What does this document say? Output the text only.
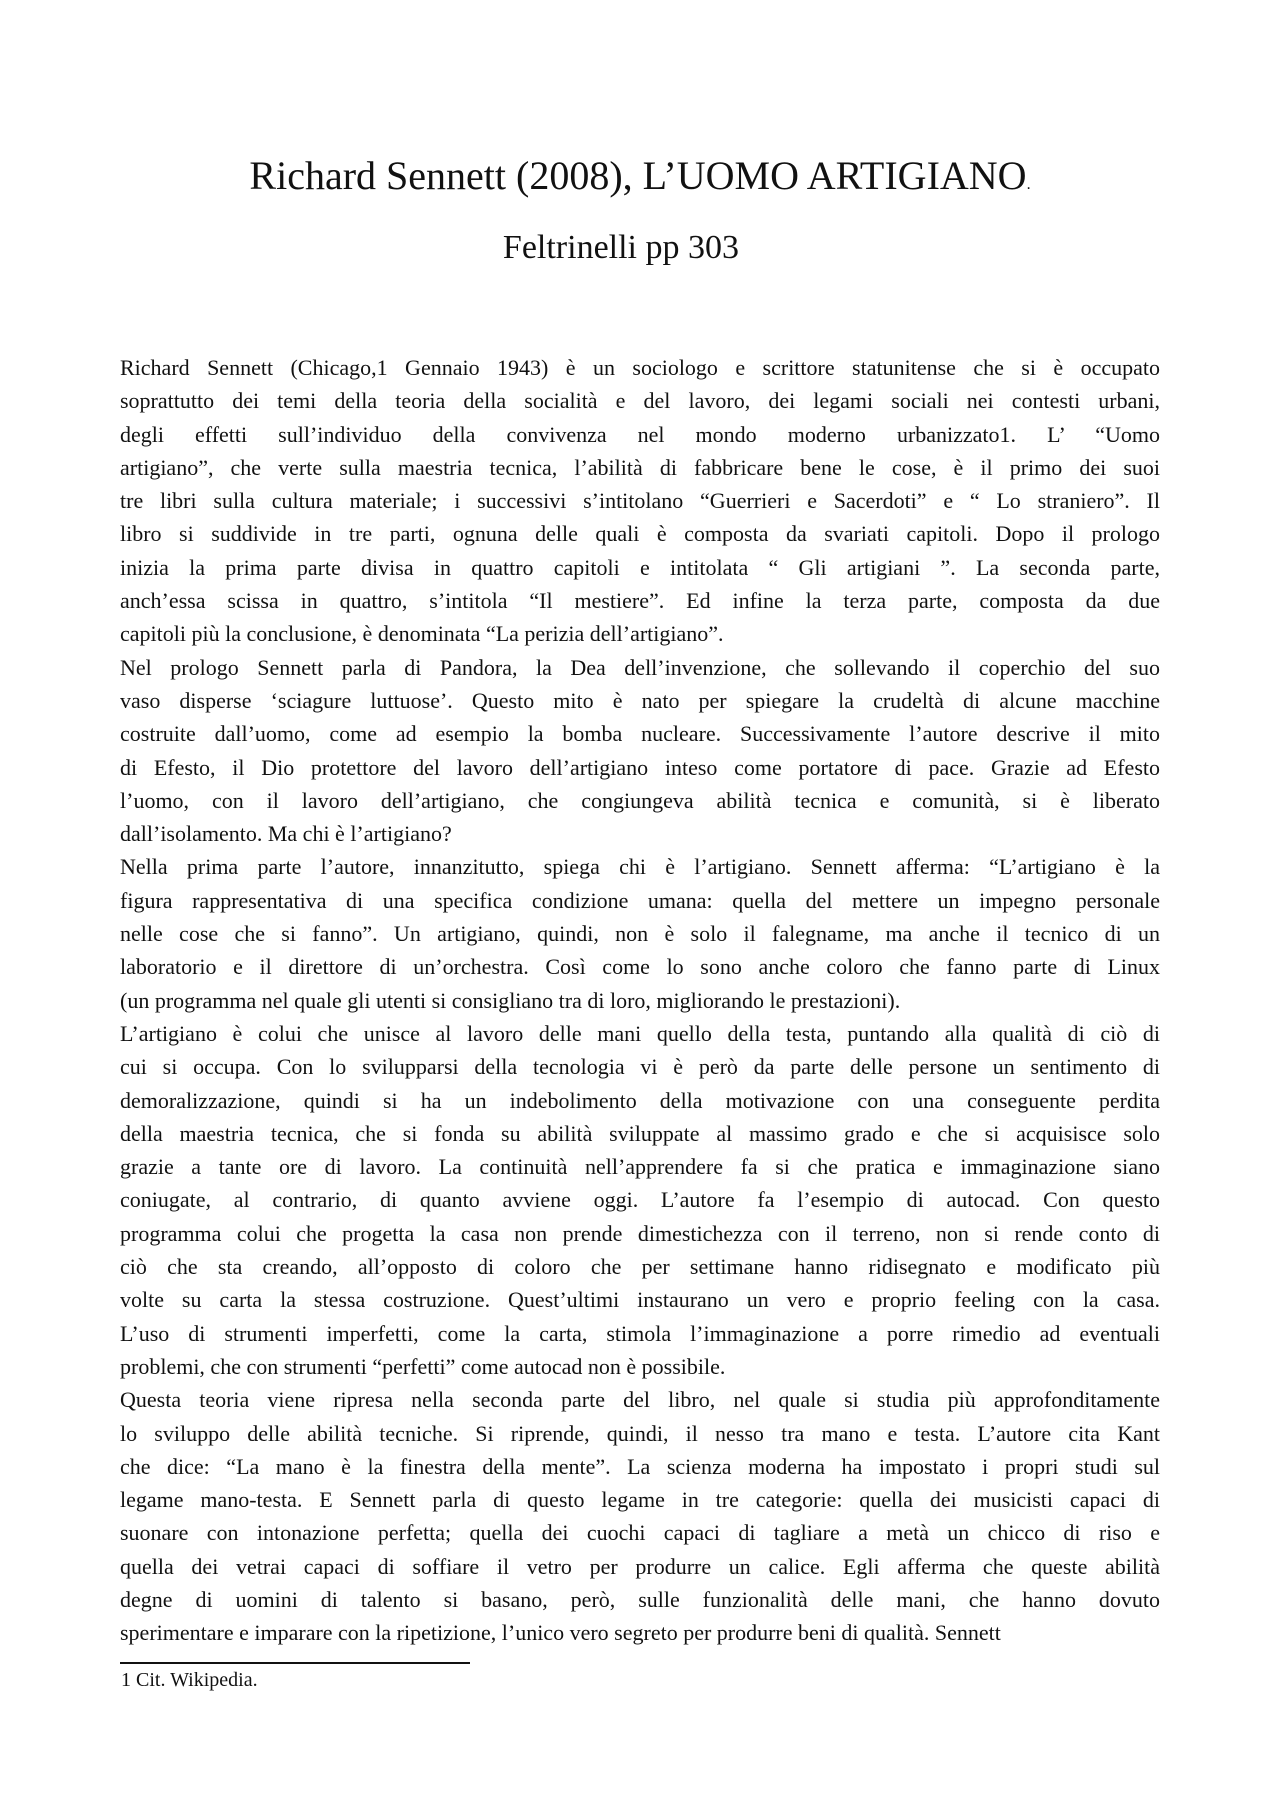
Richard Sennett (2008), L’UOMO ARTIGIANO.
Feltrinelli pp 303
Richard Sennett (Chicago,1 Gennaio 1943) è un sociologo e scrittore statunitense che si è occupato
soprattutto dei temi della teoria della socialità e del lavoro, dei legami sociali nei contesti urbani,
degli effetti sull’individuo della convivenza nel mondo moderno urbanizzato1. L’ “Uomo
artigiano”, che verte sulla maestria tecnica, l’abilità di fabbricare bene le cose, è il primo dei suoi
tre libri sulla cultura materiale; i successivi s’intitolano “Guerrieri e Sacerdoti” e “ Lo straniero”. Il
libro si suddivide in tre parti, ognuna delle quali è composta da svariati capitoli. Dopo il prologo
inizia la prima parte divisa in quattro capitoli e intitolata “ Gli artigiani ”. La seconda parte,
anch’essa scissa in quattro, s’intitola “Il mestiere”. Ed infine la terza parte, composta da due
capitoli più la conclusione, è denominata “La perizia dell’artigiano”.
Nel prologo Sennett parla di Pandora, la Dea dell’invenzione, che sollevando il coperchio del suo
vaso disperse ‘sciagure luttuose’. Questo mito è nato per spiegare la crudeltà di alcune macchine
costruite dall’uomo, come ad esempio la bomba nucleare. Successivamente l’autore descrive il mito
di Efesto, il Dio protettore del lavoro dell’artigiano inteso come portatore di pace. Grazie ad Efesto
l’uomo, con il lavoro dell’artigiano, che congiungeva abilità tecnica e comunità, si è liberato
dall’isolamento. Ma chi è l’artigiano?
Nella prima parte l’autore, innanzitutto, spiega chi è l’artigiano. Sennett afferma: “L’artigiano è la
figura rappresentativa di una specifica condizione umana: quella del mettere un impegno personale
nelle cose che si fanno”. Un artigiano, quindi, non è solo il falegname, ma anche il tecnico di un
laboratorio e il direttore di un’orchestra. Così come lo sono anche coloro che fanno parte di Linux
(un programma nel quale gli utenti si consigliano tra di loro, migliorando le prestazioni).
L’artigiano è colui che unisce al lavoro delle mani quello della testa, puntando alla qualità di ciò di
cui si occupa. Con lo svilupparsi della tecnologia vi è però da parte delle persone un sentimento di
demoralizzazione, quindi si ha un indebolimento della motivazione con una conseguente perdita
della maestria tecnica, che si fonda su abilità sviluppate al massimo grado e che si acquisisce solo
grazie a tante ore di lavoro. La continuità nell’apprendere fa si che pratica e immaginazione siano
coniugate, al contrario, di quanto avviene oggi. L’autore fa l’esempio di autocad. Con questo
programma colui che progetta la casa non prende dimestichezza con il terreno, non si rende conto di
ciò che sta creando, all’opposto di coloro che per settimane hanno ridisegnato e modificato più
volte su carta la stessa costruzione. Quest’ultimi instaurano un vero e proprio feeling con la casa.
L’uso di strumenti imperfetti, come la carta, stimola l’immaginazione a porre rimedio ad eventuali
problemi, che con strumenti “perfetti” come autocad non è possibile.
Questa teoria viene ripresa nella seconda parte del libro, nel quale si studia più approfonditamente
lo sviluppo delle abilità tecniche. Si riprende, quindi, il nesso tra mano e testa. L’autore cita Kant
che dice: “La mano è la finestra della mente”. La scienza moderna ha impostato i propri studi sul
legame mano-testa. E Sennett parla di questo legame in tre categorie: quella dei musicisti capaci di
suonare con intonazione perfetta; quella dei cuochi capaci di tagliare a metà un chicco di riso e
quella dei vetrai capaci di soffiare il vetro per produrre un calice. Egli afferma che queste abilità
degne di uomini di talento si basano, però, sulle funzionalità delle mani, che hanno dovuto
sperimentare e imparare con la ripetizione, l’unico vero segreto per produrre beni di qualità. Sennett
1 Cit. Wikipedia.
